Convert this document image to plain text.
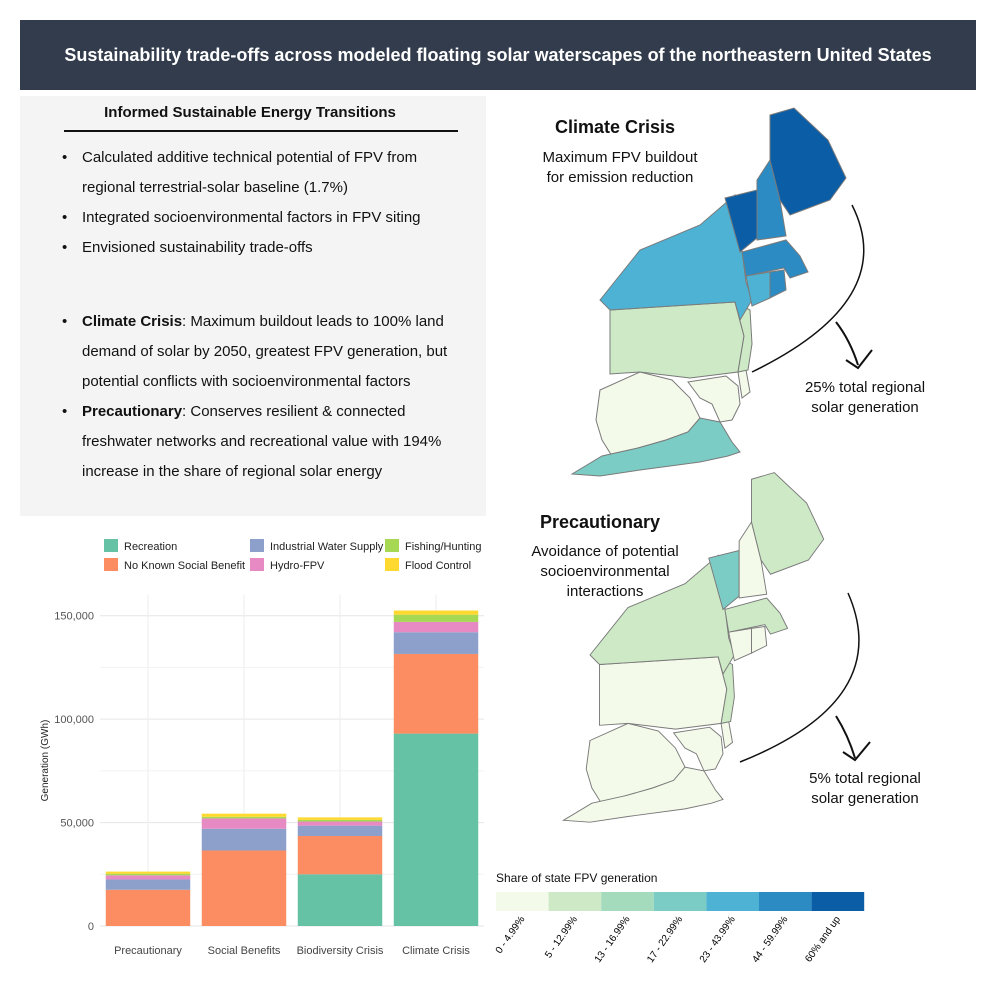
Sustainability trade-offs across modeled floating solar waterscapes of the northeastern United States
Informed Sustainable Energy Transitions
• Calculated additive technical potential of FPV from regional terrestrial-solar baseline (1.7%)
• Integrated socioenvironmental factors in FPV siting
• Envisioned sustainability trade-offs
• Climate Crisis: Maximum buildout leads to 100% land demand of solar by 2050, greatest FPV generation, but potential conflicts with socioenvironmental factors
• Precautionary: Conserves resilient & connected freshwater networks and recreational value with 194% increase in the share of regional solar energy
Climate Crisis
Maximum FPV buildout
for emission reduction
25% total regional
solar generation
Precautionary
Avoidance of potential
socioenvironmental
interactions
5% total regional
solar generation
Share of state FPV generation
0 - 4.99% 5 - 12.99% 13 - 16.99% 17 - 22.99% 23 - 43.99% 44 - 59.99% 60% and up
0
50,000
100,000
150,000
Precautionary Social Benefits Biodiversity Crisis Climate Crisis
Generation (GWh)
Recreation	Industrial Water Supply Fishing/Hunting
No Known Social Benefit Hydro-FPV	Flood Control
